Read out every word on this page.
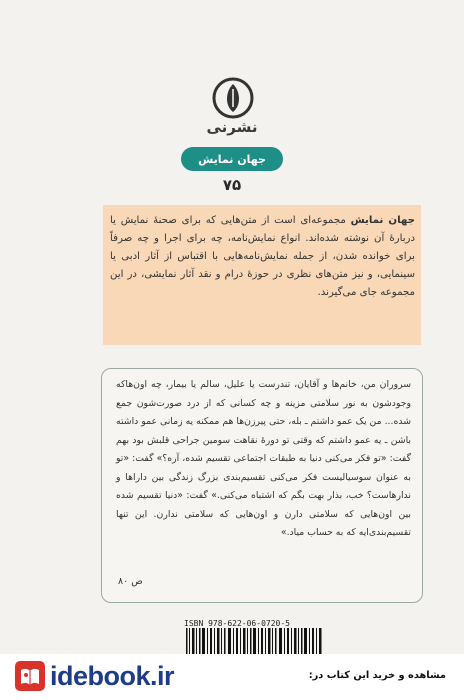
نشرنی
جهان نمایش
۷۵
جهان نمایش مجموعه‌ای است از متن‌هایی که برای صحنهٔ نمایش یا دربارهٔ آن نوشته شده‌اند. انواع نمایش‌نامه، چه برای اجرا و چه صرفاً برای خوانده شدن، از جمله نمایش‌نامه‌هایی با اقتباس از آثار ادبی یا سینمایی، و نیز متن‌های نظری در حوزهٔ درام و نقد آثار نمایشی، در این مجموعه جای می‌گیرند.
سروران من، خانم‌ها و آقایان، تندرست یا علیل، سالم یا بیمار، چه اون‌هاکه وجودشون به نور سلامتی مزینه و چه کسانی که از درد صورت‌شون جمع شده... من یک عمو داشتم ـ بله، حتی پیرزن‌ها هم ممکنه یه زمانی عمو داشته باشن ـ یه عمو داشتم که وقتی تو دورهٔ نقاهت سومین جراحی قلبش بود بهم گفت: «تو فکر می‌کنی دنیا به طبقات اجتماعی تقسیم شده، آره؟» گفت: «تو به عنوان سوسیالیست فکر می‌کنی تقسیم‌بندی بزرگ زندگی بین داراها و ندارهاست؟ خب، بذار بهت بگم که اشتباه می‌کنی.» گفت: «دنیا تقسیم شده بین اون‌هایی که سلامتی دارن و اون‌هایی که سلامتی ندارن. این تنها تقسیم‌بندی‌ایه که به حساب میاد.»
ص ۸۰
ISBN 978-622-06-0720-5
idebook.ir	مشاهده و خرید این کتاب در:
